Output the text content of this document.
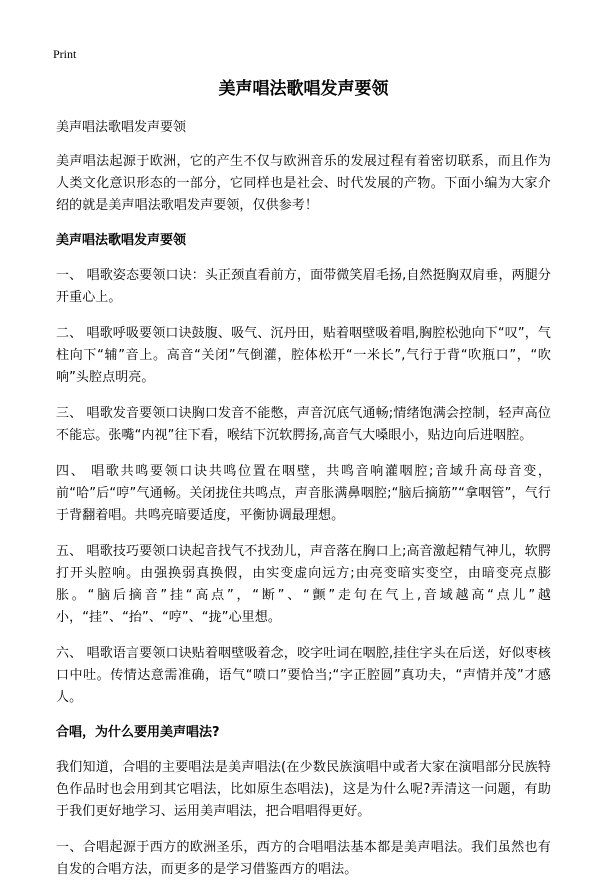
Print
美声唱法歌唱发声要领
美声唱法歌唱发声要领
美声唱法起源于欧洲，它的产生不仅与欧洲音乐的发展过程有着密切联系，而且作为人类文化意识形态的一部分，它同样也是社会、时代发展的产物。下面小编为大家介绍的就是美声唱法歌唱发声要领，仅供参考！
美声唱法歌唱发声要领
一、 唱歌姿态要领口诀：头正颈直看前方，面带微笑眉毛扬,自然挺胸双肩垂，两腿分开重心上。
二、 唱歌呼吸要领口诀鼓腹、吸气、沉丹田，贴着咽壁吸着唱,胸腔松弛向下“叹”，气柱向下“辅”音上。高音“关闭”气倒灌，腔体松开“一米长”,气行于背“吹瓶口”，“吹响”头腔点明亮。
三、 唱歌发音要领口诀胸口发音不能憋，声音沉底气通畅;情绪饱满会控制，轻声高位不能忘。张嘴“内视”往下看，喉结下沉软腭扬,高音气大嗓眼小，贴边向后进咽腔。
四、 唱歌共鸣要领口诀共鸣位置在咽壁，共鸣音响灌咽腔;音域升高母音变，前“哈”后“哼”气通畅。关闭拢住共鸣点，声音胀满鼻咽腔;“脑后摘筋”“拿咽管”，气行于背翻着唱。共鸣亮暗要适度，平衡协调最理想。
五、 唱歌技巧要领口诀起音找气不找劲儿，声音落在胸口上;高音激起精气神儿，软腭打开头腔响。由强换弱真换假，由实变虚向远方;由亮变暗实变空，由暗变亮点膨胀。“脑后摘音”挂“高点”，“断”、“颤”走句在气上,音域越高“点儿”越小，“挂”、“抬”、“哼”、“拢”心里想。
六、 唱歌语言要领口诀贴着咽壁吸着念，咬字吐词在咽腔,挂住字头在后送，好似枣核口中吐。传情达意需准确，语气“喷口”要恰当;“字正腔圆”真功夫，“声情并茂”才感人。
合唱，为什么要用美声唱法?
我们知道，合唱的主要唱法是美声唱法(在少数民族演唱中或者大家在演唱部分民族特色作品时也会用到其它唱法，比如原生态唱法)，这是为什么呢?弄清这一问题，有助于我们更好地学习、运用美声唱法，把合唱唱得更好。
一、合唱起源于西方的欧洲圣乐，西方的合唱唱法基本都是美声唱法。我们虽然也有自发的合唱方法，而更多的是学习借鉴西方的唱法。
